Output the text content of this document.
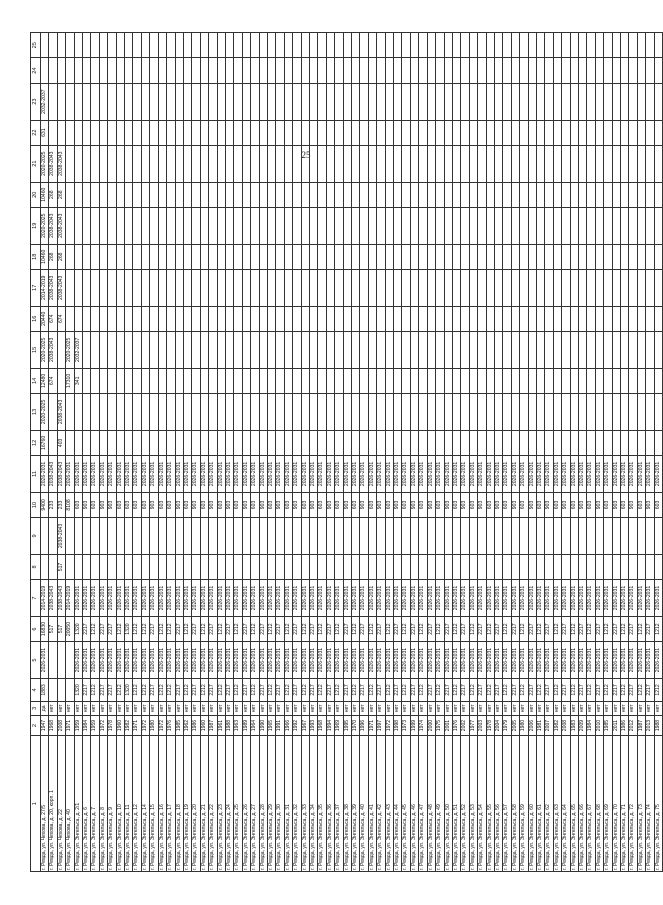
25
1	2	3	4	5	6	7	8	9	10	11	12	13	14	15	16	17	18	19	20	21	22	23	24	25
г. Ревда, ул. Чехова, д. 27/5	1947	да	1883	2026-2031	16830	2014-2019			9400	2026-2031	16760	2020-2025	12480	2020-2025	20440	2014-2019	10460	2020-2025	10460	2020-2025	631	2032-2037		
г. Ревда, ул. Чехова, д. 20, корп. 1	1968	нет			517	2038-2043			233	2038-2043			674	2038-2043	674	2038-2043	268	2038-2043	268	2038-2043				
г. Ревда, ул. Чехова, д. 22	2008	нет			517	2038-2043	517	2038-2043	233	2038-2043	403	2038-2043			674	2038-2043	268	2038-2043	268	2038-2043				
г. Ревда, ул. Чехова, д. 40	1971	нет			20050	2014-2019			8108	2026-2031			17310	2020-2025										
г. Ревда, ул. Энгельса, д. 2/1	1959	нет	1320	2026-2031	1320	2026-2031			603	2026-2031			341	2032-2037										
г. Ревда, ул. Энгельса, д. 6	1984	нет	2217	2026-2031	2217	2026-2031			903	2026-2031														
г. Ревда, ул. Энгельса, д. 7	1959	нет	1212	2026-2031	1212	2026-2031			603	2026-2031														
г. Ревда, ул. Энгельса, д. 8	1972	нет	2217	2026-2031	2217	2026-2031			903	2026-2031														
г. Ревда, ул. Энгельса, д. 9	1978	нет	2217	2026-2031	2217	2026-2031			903	2026-2031														
г. Ревда, ул. Энгельса, д. 10	1960	нет	1212	2026-2031	1212	2026-2031			603	2026-2031														
г. Ревда, ул. Энгельса, д. 11	1982	нет	1320	2026-2031	1320	2026-2031			603	2026-2031														
г. Ревда, ул. Энгельса, д. 12	1971	нет	1212	2026-2031	1212	2026-2031			603	2026-2031														
г. Ревда, ул. Энгельса, д. 14	1972	нет	1212	2026-2031	1212	2026-2031			603	2026-2031														
г. Ревда, ул. Энгельса, д. 15	1980	нет	2217	2026-2031	2217	2026-2031			903	2026-2031														
г. Ревда, ул. Энгельса, д. 16	1972	нет	1212	2026-2031	1212	2026-2031			603	2026-2031														
г. Ревда, ул. Энгельса, д. 17	1976	нет	1212	2026-2031	1212	2026-2031			603	2026-2031														
г. Ревда, ул. Энгельса, д. 18	1985	нет	2217	2026-2031	2217	2026-2031			903	2026-2031														
г. Ревда, ул. Энгельса, д. 19	1962	нет	1212	2026-2031	1212	2026-2031			603	2026-2031														
г. Ревда, ул. Энгельса, д. 20	1986	нет	2217	2026-2031	2217	2026-2031			903	2026-2031														
г. Ревда, ул. Энгельса, д. 21	1960	нет	1212	2026-2031	1212	2026-2031			603	2026-2031														
г. Ревда, ул. Энгельса, д. 22	1987	нет	2217	2026-2031	2217	2026-2031			903	2026-2031														
г. Ревда, ул. Энгельса, д. 23	1961	нет	1212	2026-2031	1212	2026-2031			603	2026-2031														
г. Ревда, ул. Энгельса, д. 24	1988	нет	2217	2026-2031	2217	2026-2031			903	2026-2031														
г. Ревда, ул. Энгельса, д. 25	1963	нет	1212	2026-2031	1212	2026-2031			603	2026-2031														
г. Ревда, ул. Энгельса, д. 26	1989	нет	2217	2026-2031	2217	2026-2031			903	2026-2031														
г. Ревда, ул. Энгельса, д. 27	1964	нет	1212	2026-2031	1212	2026-2031			603	2026-2031														
г. Ревда, ул. Энгельса, д. 28	1990	нет	2217	2026-2031	2217	2026-2031			903	2026-2031														
г. Ревда, ул. Энгельса, д. 29	1965	нет	1212	2026-2031	1212	2026-2031			603	2026-2031														
г. Ревда, ул. Энгельса, д. 30	1991	нет	2217	2026-2031	2217	2026-2031			903	2026-2031														
г. Ревда, ул. Энгельса, д. 31	1966	нет	1212	2026-2031	1212	2026-2031			603	2026-2031														
г. Ревда, ул. Энгельса, д. 32	1992	нет	2217	2026-2031	2217	2026-2031			903	2026-2031														
г. Ревда, ул. Энгельса, д. 33	1967	нет	1212	2026-2031	1212	2026-2031			603	2026-2031														
г. Ревда, ул. Энгельса, д. 34	1993	нет	2217	2026-2031	2217	2026-2031			903	2026-2031														
г. Ревда, ул. Энгельса, д. 35	1968	нет	1212	2026-2031	1212	2026-2031			603	2026-2031														
г. Ревда, ул. Энгельса, д. 36	1994	нет	2217	2026-2031	2217	2026-2031			903	2026-2031														
г. Ревда, ул. Энгельса, д. 37	1969	нет	1212	2026-2031	1212	2026-2031			603	2026-2031														
г. Ревда, ул. Энгельса, д. 38	1995	нет	2217	2026-2031	2217	2026-2031			903	2026-2031														
г. Ревда, ул. Энгельса, д. 39	1970	нет	1212	2026-2031	1212	2026-2031			603	2026-2031														
г. Ревда, ул. Энгельса, д. 40	1996	нет	2217	2026-2031	2217	2026-2031			903	2026-2031														
г. Ревда, ул. Энгельса, д. 41	1971	нет	1212	2026-2031	1212	2026-2031			603	2026-2031														
г. Ревда, ул. Энгельса, д. 42	1997	нет	2217	2026-2031	2217	2026-2031			903	2026-2031														
г. Ревда, ул. Энгельса, д. 43	1972	нет	1212	2026-2031	1212	2026-2031			603	2026-2031														
г. Ревда, ул. Энгельса, д. 44	1998	нет	2217	2026-2031	2217	2026-2031			903	2026-2031														
г. Ревда, ул. Энгельса, д. 45	1973	нет	1212	2026-2031	1212	2026-2031			603	2026-2031														
г. Ревда, ул. Энгельса, д. 46	1999	нет	2217	2026-2031	2217	2026-2031			903	2026-2031														
г. Ревда, ул. Энгельса, д. 47	1974	нет	1212	2026-2031	1212	2026-2031			603	2026-2031														
г. Ревда, ул. Энгельса, д. 48	2000	нет	2217	2026-2031	2217	2026-2031			903	2026-2031														
г. Ревда, ул. Энгельса, д. 49	1975	нет	1212	2026-2031	1212	2026-2031			603	2026-2031														
г. Ревда, ул. Энгельса, д. 50	2001	нет	2217	2026-2031	2217	2026-2031			903	2026-2031														
г. Ревда, ул. Энгельса, д. 51	1976	нет	1212	2026-2031	1212	2026-2031			603	2026-2031														
г. Ревда, ул. Энгельса, д. 52	2002	нет	2217	2026-2031	2217	2026-2031			903	2026-2031														
г. Ревда, ул. Энгельса, д. 53	1977	нет	1212	2026-2031	1212	2026-2031			603	2026-2031														
г. Ревда, ул. Энгельса, д. 54	2003	нет	2217	2026-2031	2217	2026-2031			903	2026-2031														
г. Ревда, ул. Энгельса, д. 55	1978	нет	1212	2026-2031	1212	2026-2031			603	2026-2031														
г. Ревда, ул. Энгельса, д. 56	2004	нет	2217	2026-2031	2217	2026-2031			903	2026-2031														
г. Ревда, ул. Энгельса, д. 57	1979	нет	1212	2026-2031	1212	2026-2031			603	2026-2031														
г. Ревда, ул. Энгельса, д. 58	2005	нет	2217	2026-2031	2217	2026-2031			903	2026-2031														
г. Ревда, ул. Энгельса, д. 59	1980	нет	1212	2026-2031	1212	2026-2031			603	2026-2031														
г. Ревда, ул. Энгельса, д. 60	2006	нет	2217	2026-2031	2217	2026-2031			903	2026-2031														
г. Ревда, ул. Энгельса, д. 61	1981	нет	1212	2026-2031	1212	2026-2031			603	2026-2031														
г. Ревда, ул. Энгельса, д. 62	2007	нет	2217	2026-2031	2217	2026-2031			903	2026-2031														
г. Ревда, ул. Энгельса, д. 63	1982	нет	1212	2026-2031	1212	2026-2031			603	2026-2031														
г. Ревда, ул. Энгельса, д. 64	2008	нет	2217	2026-2031	2217	2026-2031			903	2026-2031														
г. Ревда, ул. Энгельса, д. 65	1983	нет	1212	2026-2031	1212	2026-2031			603	2026-2031														
г. Ревда, ул. Энгельса, д. 66	2009	нет	2217	2026-2031	2217	2026-2031			903	2026-2031														
г. Ревда, ул. Энгельса, д. 67	1984	нет	1212	2026-2031	1212	2026-2031			603	2026-2031														
г. Ревда, ул. Энгельса, д. 68	2010	нет	2217	2026-2031	2217	2026-2031			903	2026-2031														
г. Ревда, ул. Энгельса, д. 69	1985	нет	1212	2026-2031	1212	2026-2031			603	2026-2031														
г. Ревда, ул. Энгельса, д. 70	2011	нет	2217	2026-2031	2217	2026-2031			903	2026-2031														
г. Ревда, ул. Энгельса, д. 71	1986	нет	1212	2026-2031	1212	2026-2031			603	2026-2031														
г. Ревда, ул. Энгельса, д. 72	2012	нет	2217	2026-2031	2217	2026-2031			903	2026-2031														
г. Ревда, ул. Энгельса, д. 73	1987	нет	1212	2026-2031	1212	2026-2031			603	2026-2031														
г. Ревда, ул. Энгельса, д. 74	2013	нет	2217	2026-2031	2217	2026-2031			903	2026-2031														
г. Ревда, ул. Энгельса, д. 75	1988	нет	1212	2026-2031	1212	2026-2031			603	2026-2031														
